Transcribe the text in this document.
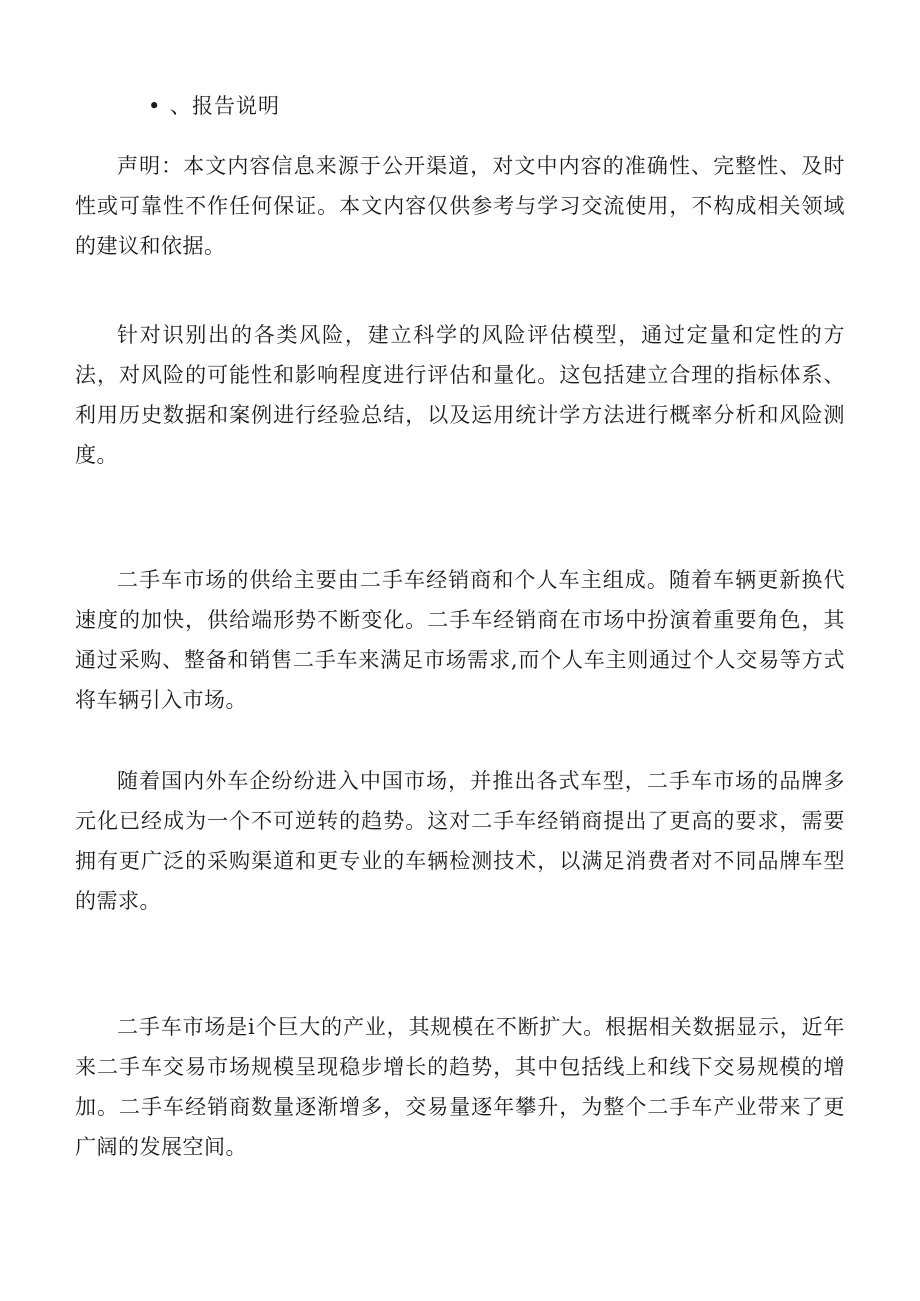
• 、报告说明

声明：本文内容信息来源于公开渠道，对文中内容的准确性、完整性、及时性或可靠性不作任何保证。本文内容仅供参考与学习交流使用，不构成相关领域的建议和依据。

针对识别出的各类风险，建立科学的风险评估模型，通过定量和定性的方法，对风险的可能性和影响程度进行评估和量化。这包括建立合理的指标体系、利用历史数据和案例进行经验总结，以及运用统计学方法进行概率分析和风险测度。

二手车市场的供给主要由二手车经销商和个人车主组成。随着车辆更新换代速度的加快，供给端形势不断变化。二手车经销商在市场中扮演着重要角色，其通过采购、整备和销售二手车来满足市场需求,而个人车主则通过个人交易等方式将车辆引入市场。

随着国内外车企纷纷进入中国市场，并推出各式车型，二手车市场的品牌多元化已经成为一个不可逆转的趋势。这对二手车经销商提出了更高的要求，需要拥有更广泛的采购渠道和更专业的车辆检测技术，以满足消费者对不同品牌车型的需求。

二手车市场是i个巨大的产业，其规模在不断扩大。根据相关数据显示，近年来二手车交易市场规模呈现稳步增长的趋势，其中包括线上和线下交易规模的增加。二手车经销商数量逐渐增多，交易量逐年攀升，为整个二手车产业带来了更广阔的发展空间。
